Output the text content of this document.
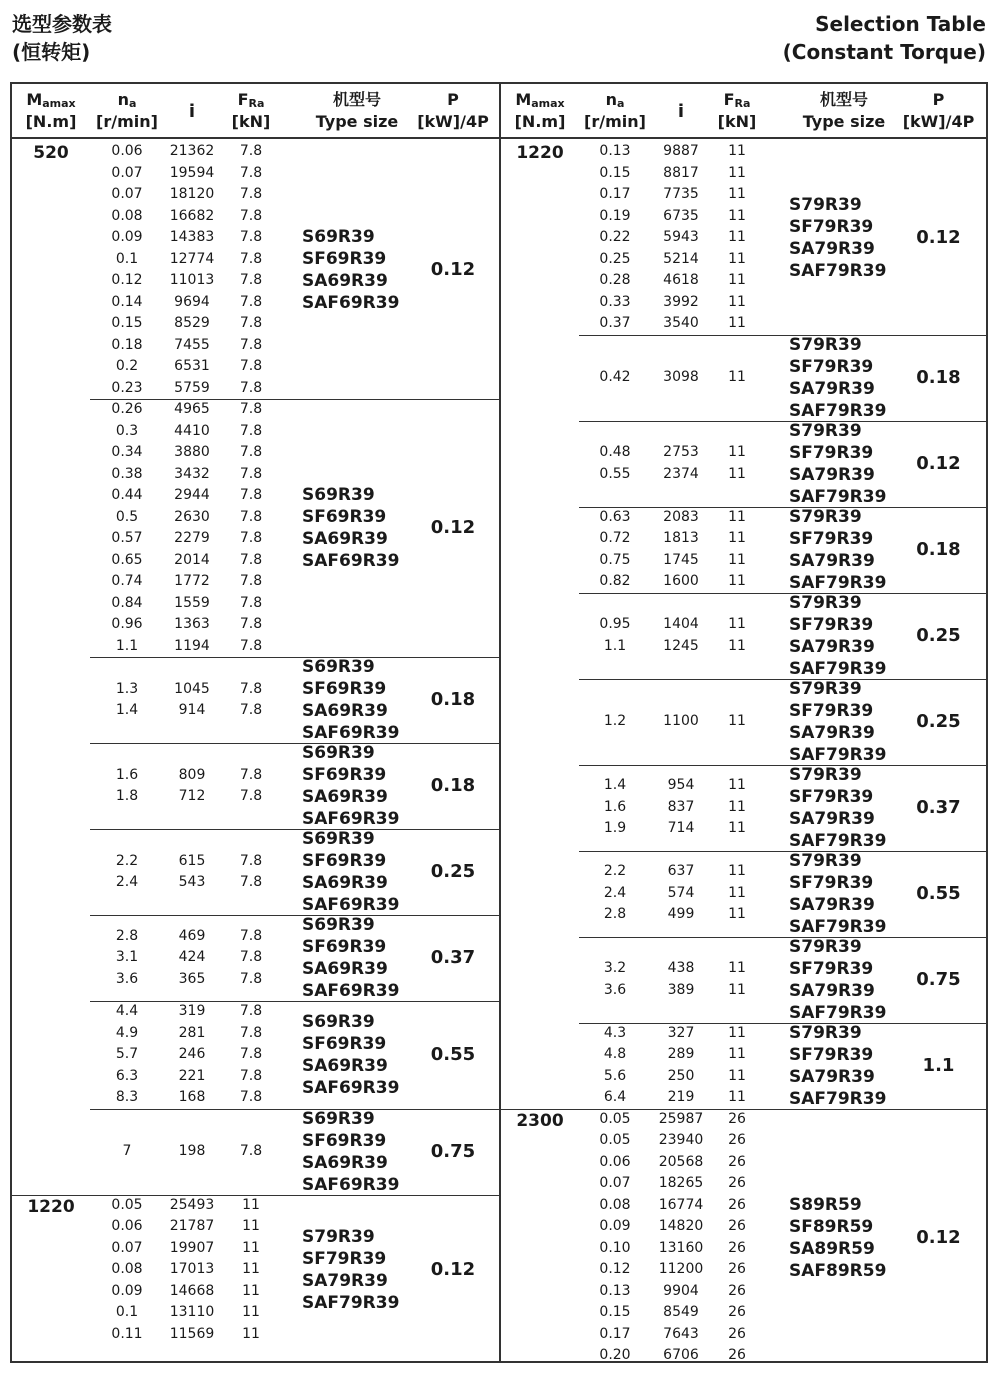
选型参数表
(恒转矩)
Selection Table
(Constant Torque)
$M_{amax}$
[N.m]
$n_a$
[r/min]	i
$F_{Ra}$
[kN]
机型号
Type size
P
[kW]/4P
520	0.06	21362	7.8
0.07	19594	7.8
0.07	18120	7.8
0.08	16682	7.8
0.09	14383	7.8
0.1	12774	7.8
0.12	11013	7.8
0.14	9694	7.8
0.15	8529	7.8
0.18	7455	7.8
0.2	6531	7.8
0.23	5759	7.8
S69R39
SF69R39
SA69R39
SAF69R39
0.12
0.26	4965	7.8
0.3	4410	7.8
0.34	3880	7.8
0.38	3432	7.8
0.44	2944	7.8
0.5	2630	7.8
0.57	2279	7.8
0.65	2014	7.8
0.74	1772	7.8
0.84	1559	7.8
0.96	1363	7.8
1.1	1194	7.8
S69R39
SF69R39
SA69R39
SAF69R39
0.12
1.3	1045	7.8
1.4	914	7.8
S69R39
SF69R39
SA69R39
SAF69R39
0.18
1.6	809	7.8
1.8	712	7.8
S69R39
SF69R39
SA69R39
SAF69R39
0.18
2.2	615	7.8
2.4	543	7.8
S69R39
SF69R39
SA69R39
SAF69R39
0.25
2.8	469	7.8
3.1	424	7.8
3.6	365	7.8
S69R39
SF69R39
SA69R39
SAF69R39
0.37
4.4	319	7.8
4.9	281	7.8
5.7	246	7.8
6.3	221	7.8
8.3	168	7.8
S69R39
SF69R39
SA69R39
SAF69R39
0.55
7	198	7.8
S69R39
SF69R39
SA69R39
SAF69R39
0.75
1220	0.05	25493	11
0.06	21787	11
0.07	19907	11
0.08	17013	11
0.09	14668	11
0.1	13110	11
0.11	11569	11
S79R39
SF79R39
SA79R39
SAF79R39
0.12
$M_{amax}$
[N.m]
$n_a$
[r/min]	i
$F_{Ra}$
[kN]
机型号
Type size
P
[kW]/4P
1220	0.13	9887	11
0.15	8817	11
0.17	7735	11
0.19	6735	11
0.22	5943	11
0.25	5214	11
0.28	4618	11
0.33	3992	11
0.37	3540	11
S79R39
SF79R39
SA79R39
SAF79R39
0.12
0.42	3098	11
S79R39
SF79R39
SA79R39
SAF79R39
0.18
0.48	2753	11
0.55	2374	11
S79R39
SF79R39
SA79R39
SAF79R39
0.12
0.63	2083	11
0.72	1813	11
0.75	1745	11
0.82	1600	11
S79R39
SF79R39
SA79R39
SAF79R39
0.18
0.95	1404	11
1.1	1245	11
S79R39
SF79R39
SA79R39
SAF79R39
0.25
1.2	1100	11
S79R39
SF79R39
SA79R39
SAF79R39
0.25
1.4	954	11
1.6	837	11
1.9	714	11
S79R39
SF79R39
SA79R39
SAF79R39
0.37
2.2	637	11
2.4	574	11
2.8	499	11
S79R39
SF79R39
SA79R39
SAF79R39
0.55
3.2	438	11
3.6	389	11
S79R39
SF79R39
SA79R39
SAF79R39
0.75
4.3	327	11
4.8	289	11
5.6	250	11
6.4	219	11
S79R39
SF79R39
SA79R39
SAF79R39
1.1
2300	0.05	25987	26
0.05	23940	26
0.06	20568	26
0.07	18265	26
0.08	16774	26
0.09	14820	26
0.10	13160	26
0.12	11200	26
0.13	9904	26
0.15	8549	26
0.17	7643	26
0.20	6706	26
S89R59
SF89R59
SA89R59
SAF89R59
0.12
